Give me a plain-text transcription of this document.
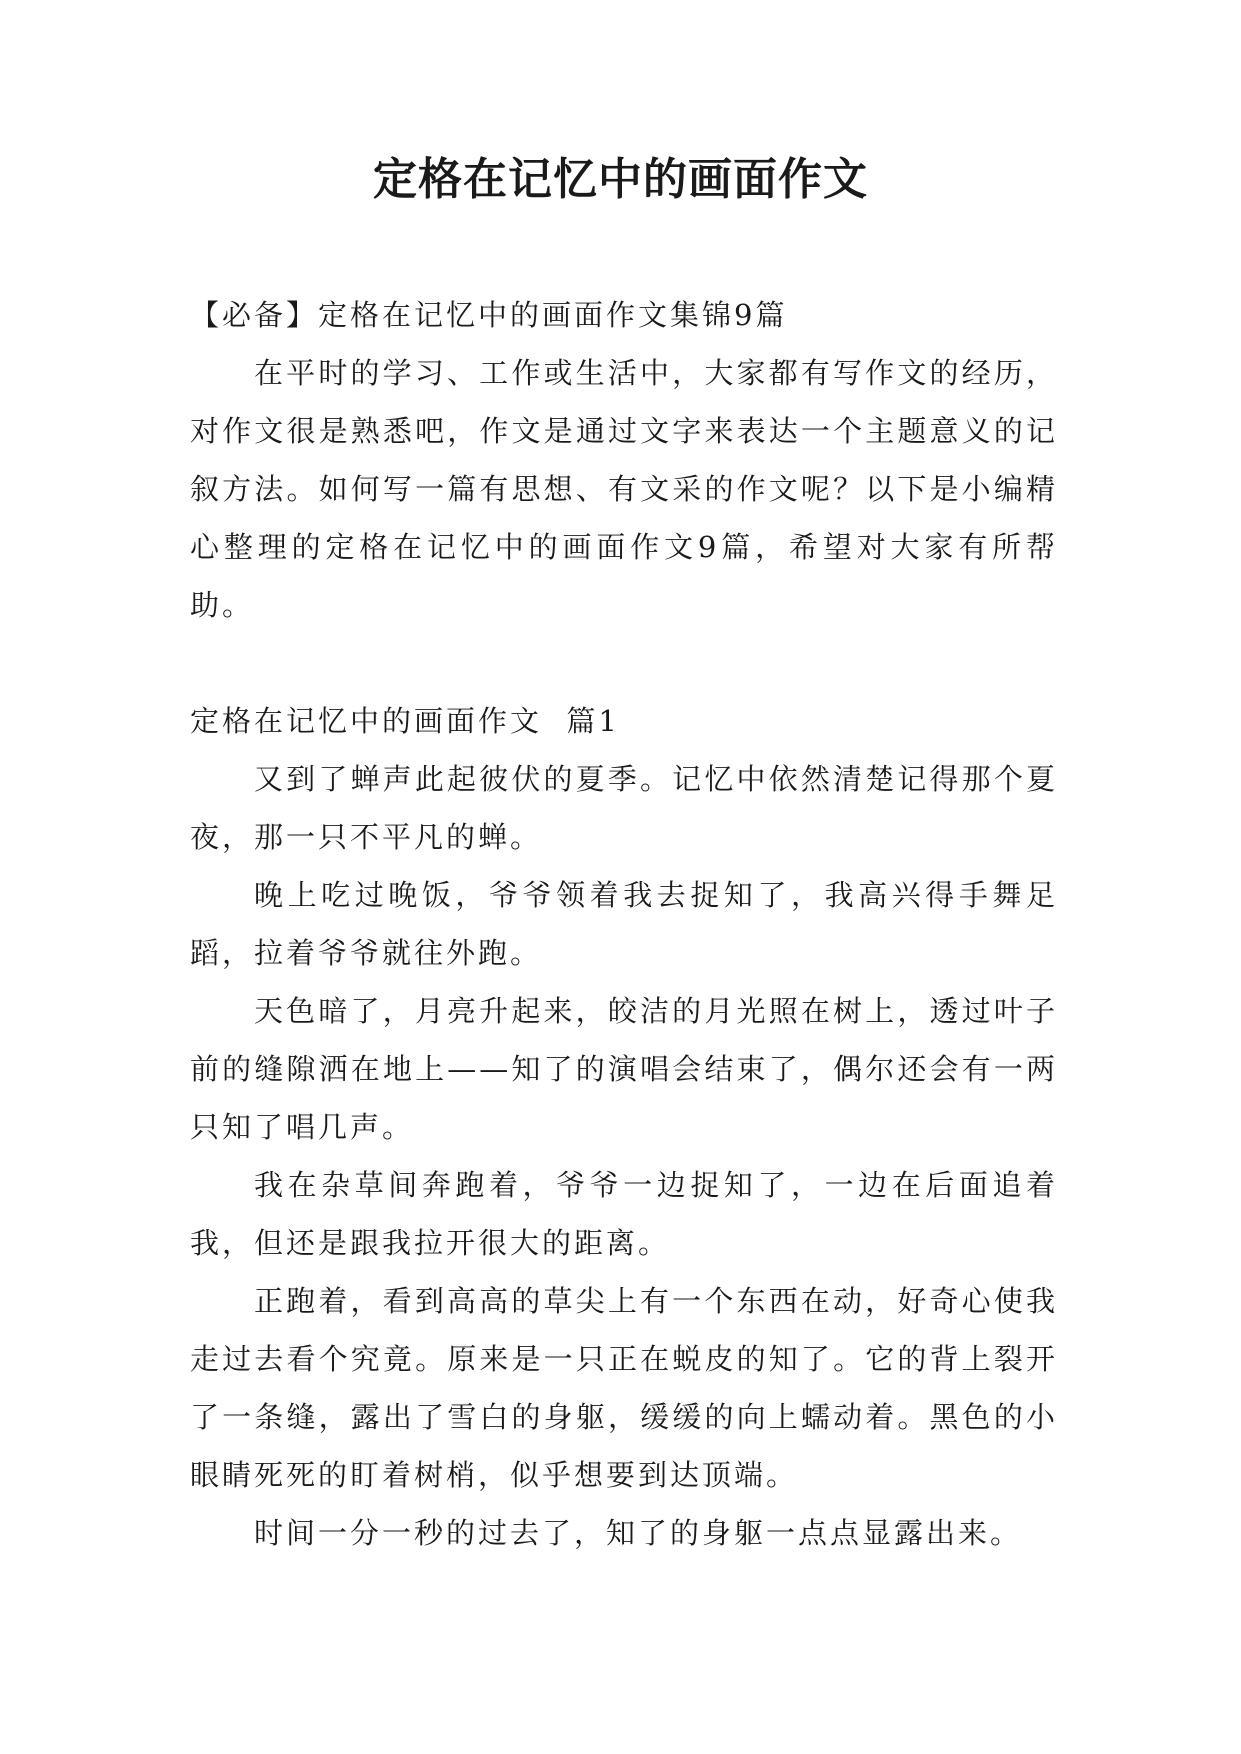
定格在记忆中的画面作文

【必备】定格在记忆中的画面作文集锦9篇

在平时的学习、工作或生活中，大家都有写作文的经历，对作文很是熟悉吧，作文是通过文字来表达一个主题意义的记叙方法。如何写一篇有思想、有文采的作文呢？以下是小编精心整理的定格在记忆中的画面作文9篇，希望对大家有所帮助。

定格在记忆中的画面作文  篇1

又到了蝉声此起彼伏的夏季。记忆中依然清楚记得那个夏夜，那一只不平凡的蝉。

晚上吃过晚饭，爷爷领着我去捉知了，我高兴得手舞足蹈，拉着爷爷就往外跑。

天色暗了，月亮升起来，皎洁的月光照在树上，透过叶子前的缝隙洒在地上——知了的演唱会结束了，偶尔还会有一两只知了唱几声。

我在杂草间奔跑着，爷爷一边捉知了，一边在后面追着我，但还是跟我拉开很大的距离。

正跑着，看到高高的草尖上有一个东西在动，好奇心使我走过去看个究竟。原来是一只正在蜕皮的知了。它的背上裂开了一条缝，露出了雪白的身躯，缓缓的向上蠕动着。黑色的小眼睛死死的盯着树梢，似乎想要到达顶端。

时间一分一秒的过去了，知了的身躯一点点显露出来。
